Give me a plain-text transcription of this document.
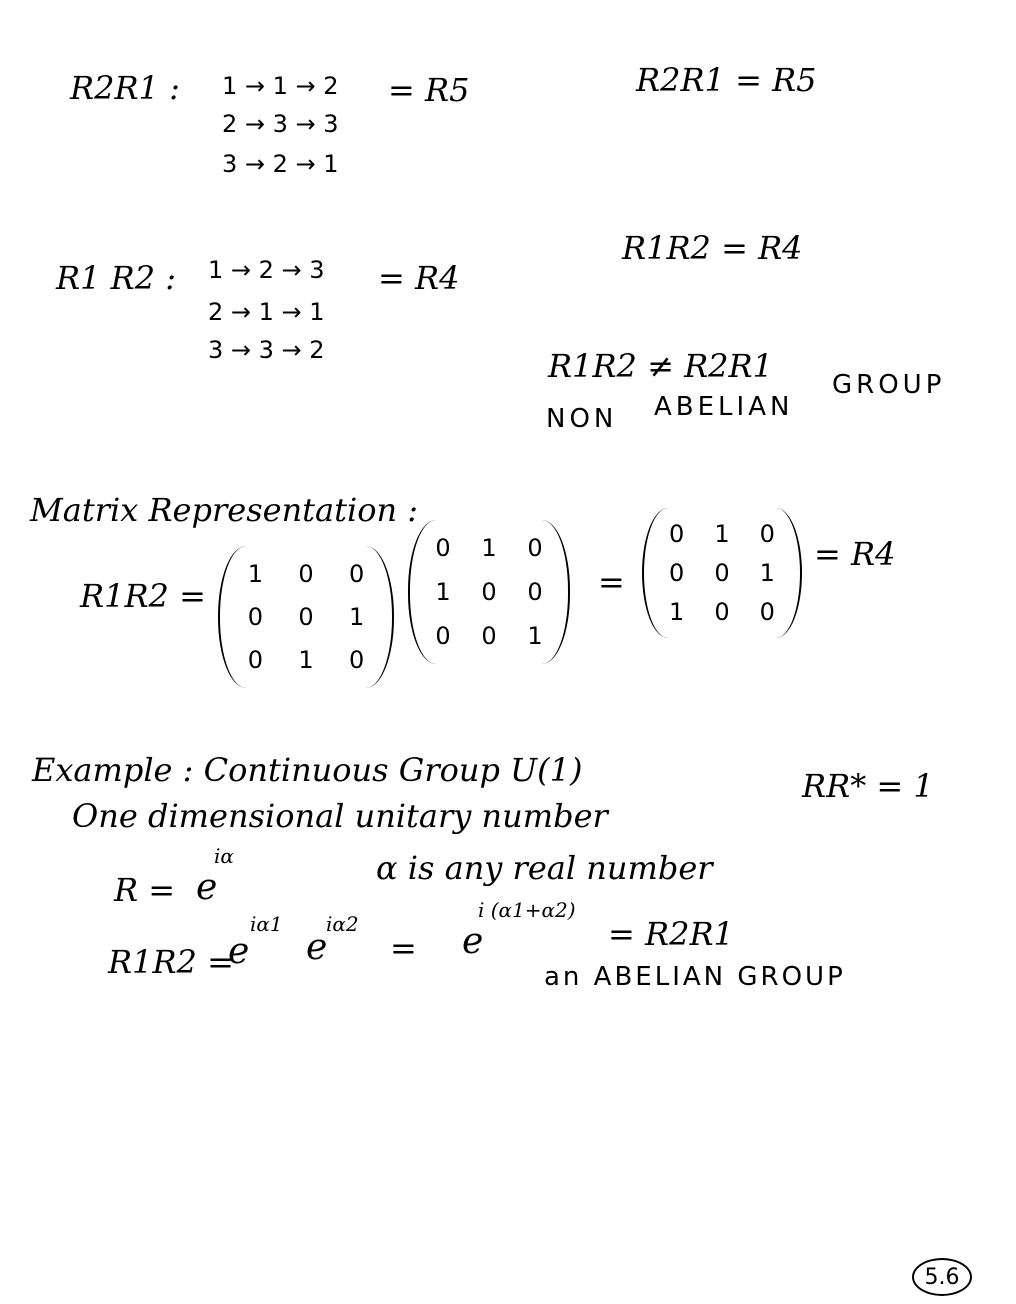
R2R1 : 1 → 1 → 2
2 → 3 → 3
3 → 2 → 1
= R5	R2R1 = R5
R1 R2 : 1 → 2 → 3
2 → 1 → 1
3 → 3 → 2
= R4
R1R2 = R4
R1R2 ≠ R2R1
NON ABELIAN
GROUP
Matrix Representation :
R1R2 =
1 0 0
0 0 1
0 1 0
0 1 0
1 0 0
0 0 1
=
0 1 0
0 0 1
1 0 0
= R4
Example : Continuous Group U(1)
One dimensional unitary number
RR* = 1
R = e
iα	α is any real number
R1R2 =
e
iα1
e
iα2
= e
i (α1+α2)
= R2R1
an ABELIAN GROUP
5.6
